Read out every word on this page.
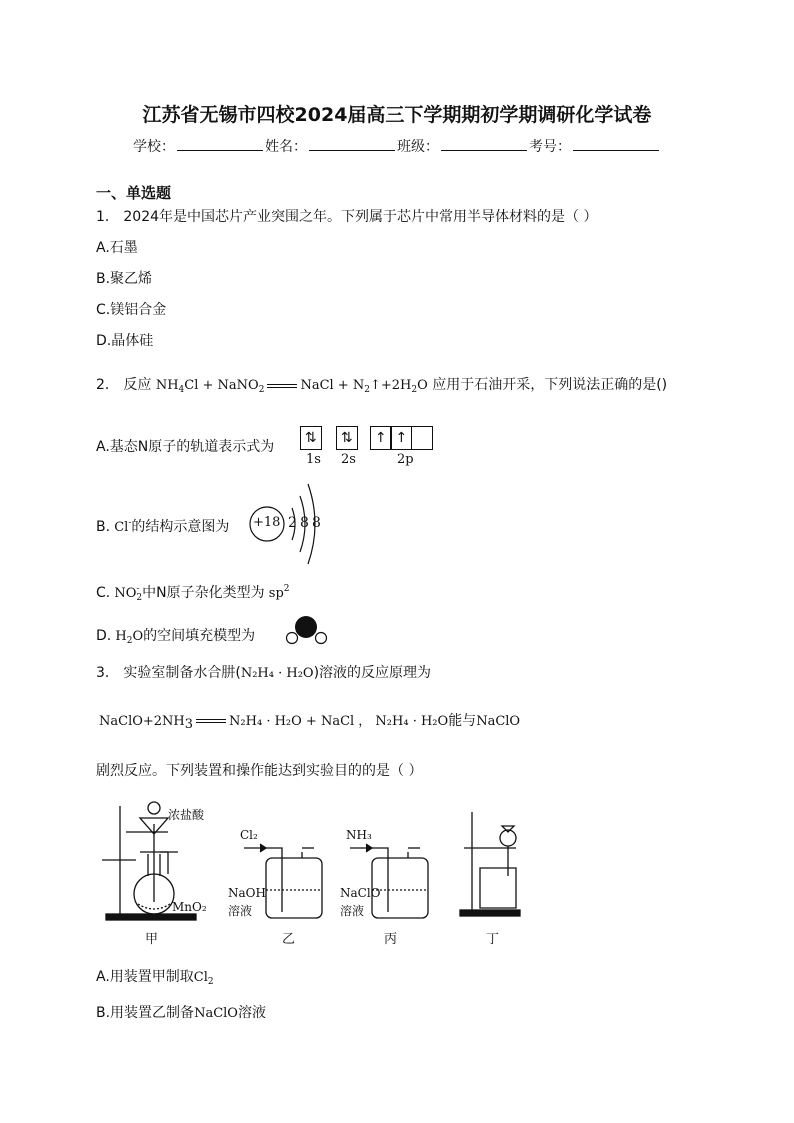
江苏省无锡市四校2024届高三下学期期初学期调研化学试卷
学校：	姓名：	班级：	考号：
一、单选题
1． 2024年是中国芯片产业突围之年。下列属于芯片中常用半导体材料的是（ ）
A.石墨
B.聚乙烯
C.镁铝合金
D.晶体硅
2． 反应 $NH_4Cl$ + NaNO$_2$	NaCl + $N_2↑+2H_2O$ 应用于石油开采，下列说法正确的是()
A.基态N原子的轨道表示式为
⇅	⇅	↑ ↑
1s 2s	2p
B. Cl-的结构示意图为 +18 2 8 8
C. NO -
2 中N原子杂化类型为 $sp^2$
D. $H_2O$的空间填充模型为
3． 实验室制备水合肼(N₂H₄ · H₂O)溶液的反应原理为
$NaClO+2NH_3$	N₂H₄ · H₂O + NaCl ， N₂H₄ · H₂O能与NaClO
剧烈反应。下列装置和操作能达到实验目的的是（ ）
浓盐酸
MnO₂
Cl₂
NaOH
溶液
NH₃
NaClO
溶液
甲	乙	丙	丁
A.用装置甲制取$Cl_2$
B.用装置乙制备NaClO溶液
